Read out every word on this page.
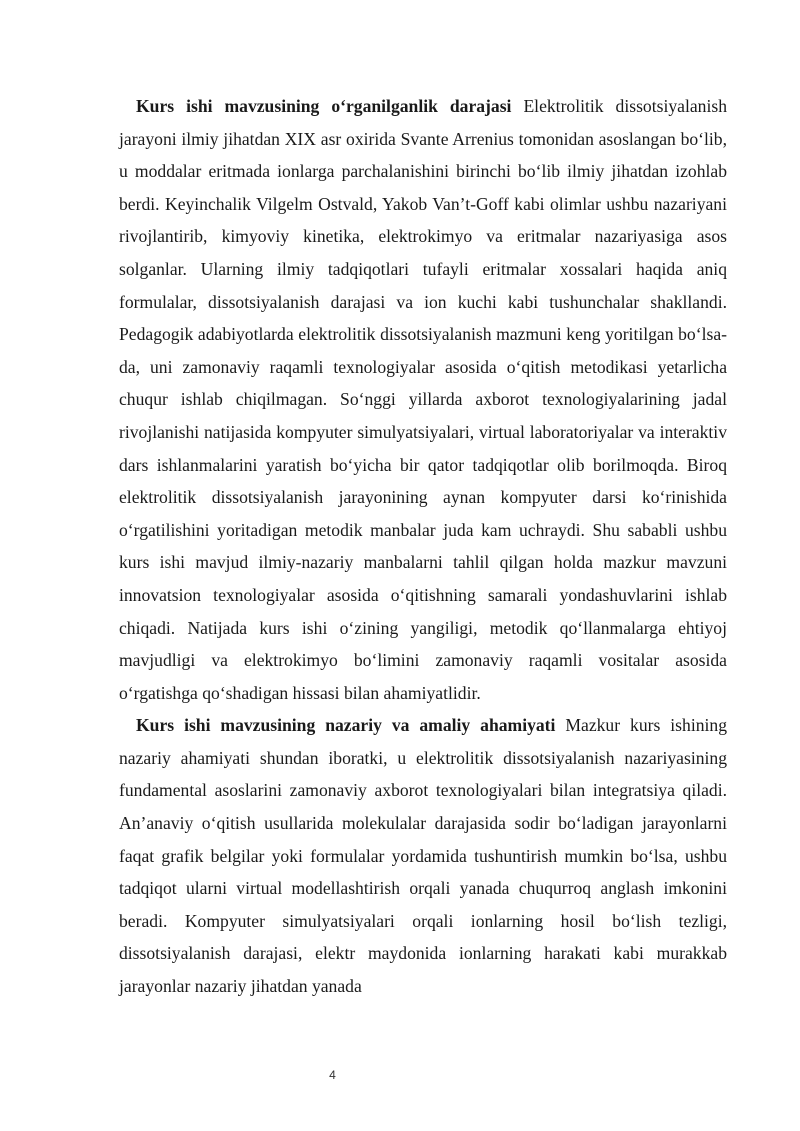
Kurs ishi mavzusining o‘rganilganlik darajasi Elektrolitik dissotsiyalanish jarayoni ilmiy jihatdan XIX asr oxirida Svante Arrenius tomonidan asoslangan bo‘lib, u moddalar eritmada ionlarga parchalanishini birinchi bo‘lib ilmiy jihatdan izohlab berdi. Keyinchalik Vilgelm Ostvald, Yakob Van’t-Goff kabi olimlar ushbu nazariyani rivojlantirib, kimyoviy kinetika, elektrokimyo va eritmalar nazariyasiga asos solganlar. Ularning ilmiy tadqiqotlari tufayli eritmalar xossalari haqida aniq formulalar, dissotsiyalanish darajasi va ion kuchi kabi tushunchalar shakllandi. Pedagogik adabiyotlarda elektrolitik dissotsiyalanish mazmuni keng yoritilgan bo‘lsa-da, uni zamonaviy raqamli texnologiyalar asosida o‘qitish metodikasi yetarlicha chuqur ishlab chiqilmagan. So‘nggi yillarda axborot texnologiyalarining jadal rivojlanishi natijasida kompyuter simulyatsiyalari, virtual laboratoriyalar va interaktiv dars ishlanmalarini yaratish bo‘yicha bir qator tadqiqotlar olib borilmoqda. Biroq elektrolitik dissotsiyalanish jarayonining aynan kompyuter darsi ko‘rinishida o‘rgatilishini yoritadigan metodik manbalar juda kam uchraydi. Shu sababli ushbu kurs ishi mavjud ilmiy-nazariy manbalarni tahlil qilgan holda mazkur mavzuni innovatsion texnologiyalar asosida o‘qitishning samarali yondashuvlarini ishlab chiqadi. Natijada kurs ishi o‘zining yangiligi, metodik qo‘llanmalarga ehtiyoj mavjudligi va elektrokimyo bo‘limini zamonaviy raqamli vositalar asosida o‘rgatishga qo‘shadigan hissasi bilan ahamiyatlidir.

Kurs ishi mavzusining nazariy va amaliy ahamiyati Mazkur kurs ishining nazariy ahamiyati shundan iboratki, u elektrolitik dissotsiyalanish nazariyasining fundamental asoslarini zamonaviy axborot texnologiyalari bilan integratsiya qiladi. An’anaviy o‘qitish usullarida molekulalar darajasida sodir bo‘ladigan jarayonlarni faqat grafik belgilar yoki formulalar yordamida tushuntirish mumkin bo‘lsa, ushbu tadqiqot ularni virtual modellashtirish orqali yanada chuqurroq anglash imkonini beradi. Kompyuter simulyatsiyalari orqali ionlarning hosil bo‘lish tezligi, dissotsiyalanish darajasi, elektr maydonida ionlarning harakati kabi murakkab jarayonlar nazariy jihatdan yanada

4
